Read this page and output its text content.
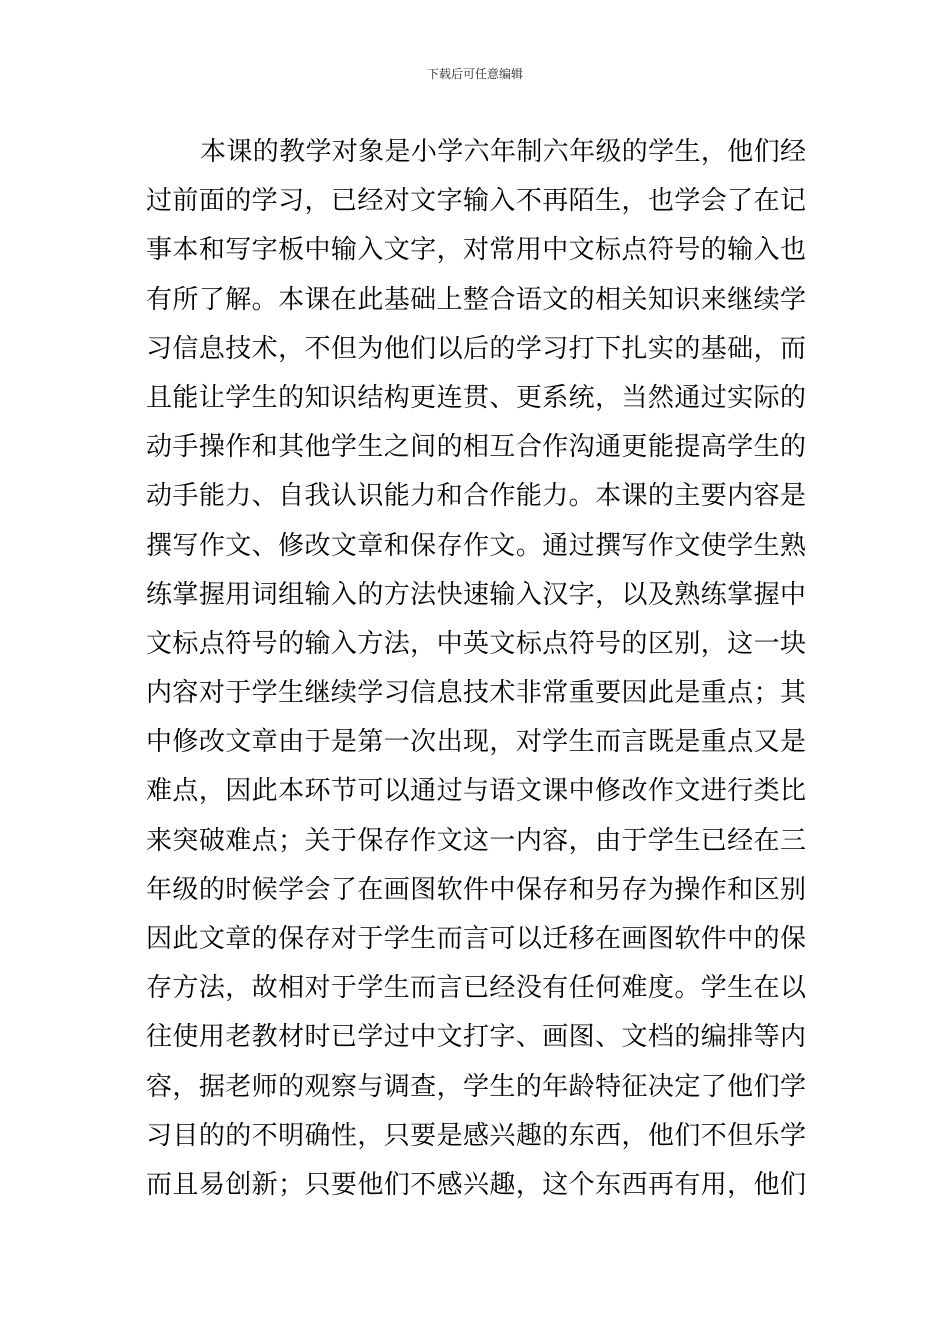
下载后可任意编辑
本课的教学对象是小学六年制六年级的学生，他们经
过前面的学习，已经对文字输入不再陌生，也学会了在记
事本和写字板中输入文字，对常用中文标点符号的输入也
有所了解。本课在此基础上整合语文的相关知识来继续学
习信息技术，不但为他们以后的学习打下扎实的基础，而
且能让学生的知识结构更连贯、更系统，当然通过实际的
动手操作和其他学生之间的相互合作沟通更能提高学生的
动手能力、自我认识能力和合作能力。本课的主要内容是
撰写作文、修改文章和保存作文。通过撰写作文使学生熟
练掌握用词组输入的方法快速输入汉字，以及熟练掌握中
文标点符号的输入方法，中英文标点符号的区别，这一块
内容对于学生继续学习信息技术非常重要因此是重点；其
中修改文章由于是第一次出现，对学生而言既是重点又是
难点，因此本环节可以通过与语文课中修改作文进行类比
来突破难点；关于保存作文这一内容，由于学生已经在三
年级的时候学会了在画图软件中保存和另存为操作和区别
因此文章的保存对于学生而言可以迁移在画图软件中的保
存方法，故相对于学生而言已经没有任何难度。学生在以
往使用老教材时已学过中文打字、画图、文档的编排等内
容，据老师的观察与调查，学生的年龄特征决定了他们学
习目的的不明确性，只要是感兴趣的东西，他们不但乐学
而且易创新；只要他们不感兴趣，这个东西再有用，他们
